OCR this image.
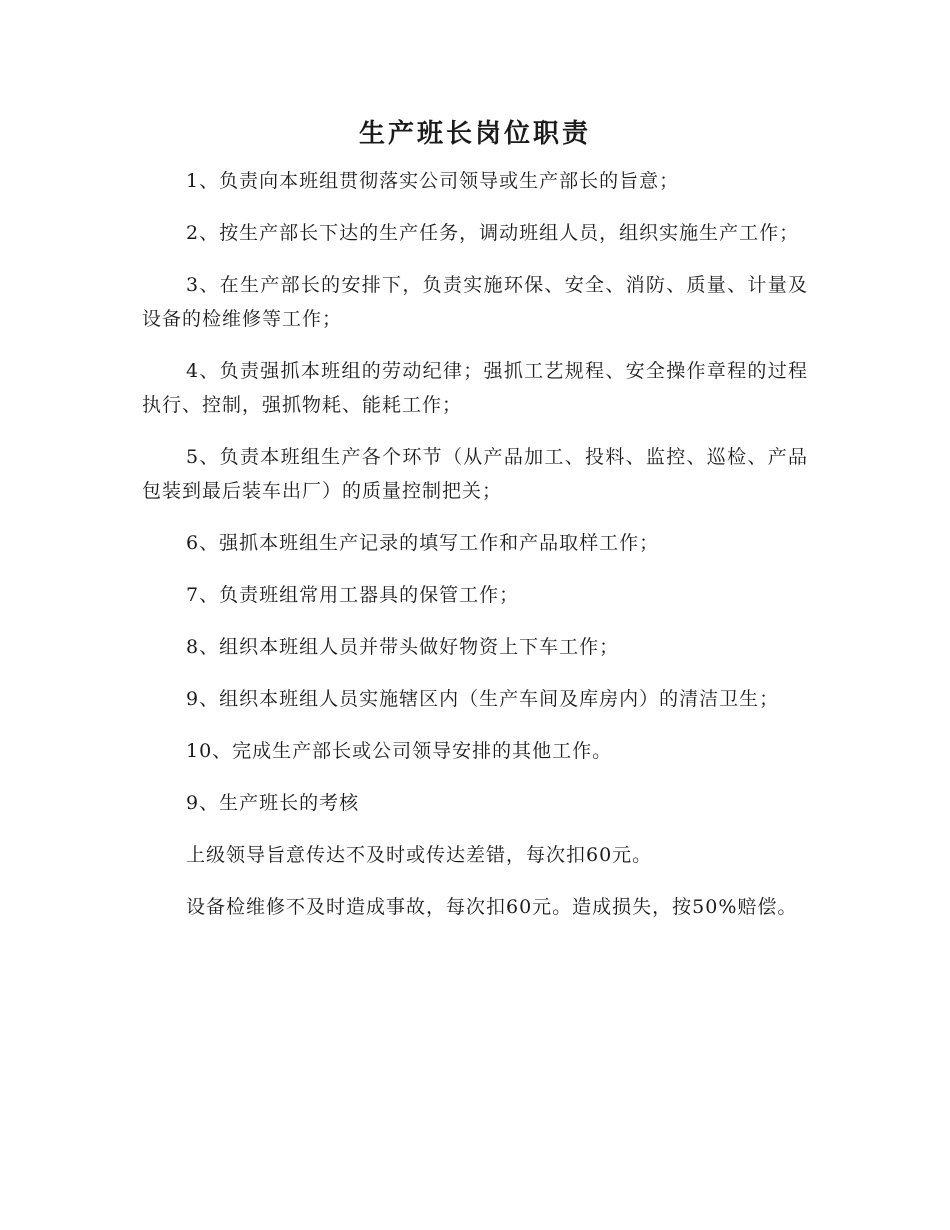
生产班长岗位职责

1、负责向本班组贯彻落实公司领导或生产部长的旨意；

2、按生产部长下达的生产任务，调动班组人员，组织实施生产工作；

3、在生产部长的安排下，负责实施环保、安全、消防、质量、计量及设备的检维修等工作；

4、负责强抓本班组的劳动纪律；强抓工艺规程、安全操作章程的过程执行、控制，强抓物耗、能耗工作；

5、负责本班组生产各个环节（从产品加工、投料、监控、巡检、产品包装到最后装车出厂）的质量控制把关；

6、强抓本班组生产记录的填写工作和产品取样工作；

7、负责班组常用工器具的保管工作；

8、组织本班组人员并带头做好物资上下车工作；

9、组织本班组人员实施辖区内（生产车间及库房内）的清洁卫生；

10、完成生产部长或公司领导安排的其他工作。

9、生产班长的考核

上级领导旨意传达不及时或传达差错，每次扣60元。

设备检维修不及时造成事故，每次扣60元。造成损失，按50%赔偿。
